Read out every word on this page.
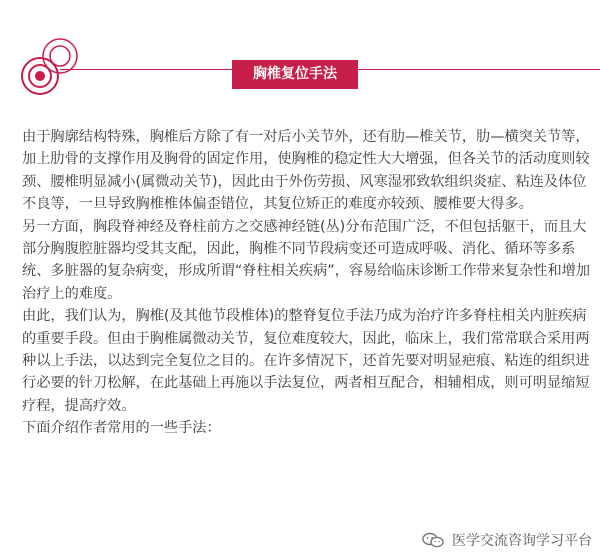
胸椎复位手法

由于胸廓结构特殊，胸椎后方除了有一对后小关节外，还有肋—椎关节，肋—横突关节等，加上肋骨的支撑作用及胸骨的固定作用，使胸椎的稳定性大大增强，但各关节的活动度则较颈、腰椎明显减小(属微动关节)，因此由于外伤劳损、风寒湿邪致软组织炎症、粘连及体位不良等，一旦导致胸椎椎体偏歪错位，其复位矫正的难度亦较颈、腰椎要大得多。

另一方面，胸段脊神经及脊柱前方之交感神经链(丛)分布范围广泛，不但包括躯干，而且大部分胸腹腔脏器均受其支配，因此，胸椎不同节段病变还可造成呼吸、消化、循环等多系统、多脏器的复杂病变，形成所谓“脊柱相关疾病”，容易给临床诊断工作带来复杂性和增加治疗上的难度。

由此，我们认为，胸椎(及其他节段椎体)的整脊复位手法乃成为治疗许多脊柱相关内脏疾病的重要手段。但由于胸椎属微动关节，复位难度较大，因此，临床上，我们常常联合采用两种以上手法，以达到完全复位之目的。在许多情况下，还首先要对明显疤痕、粘连的组织进行必要的针刀松解，在此基础上再施以手法复位，两者相互配合，相辅相成，则可明显缩短疗程，提高疗效。

下面介绍作者常用的一些手法：

医学交流咨询学习平台
